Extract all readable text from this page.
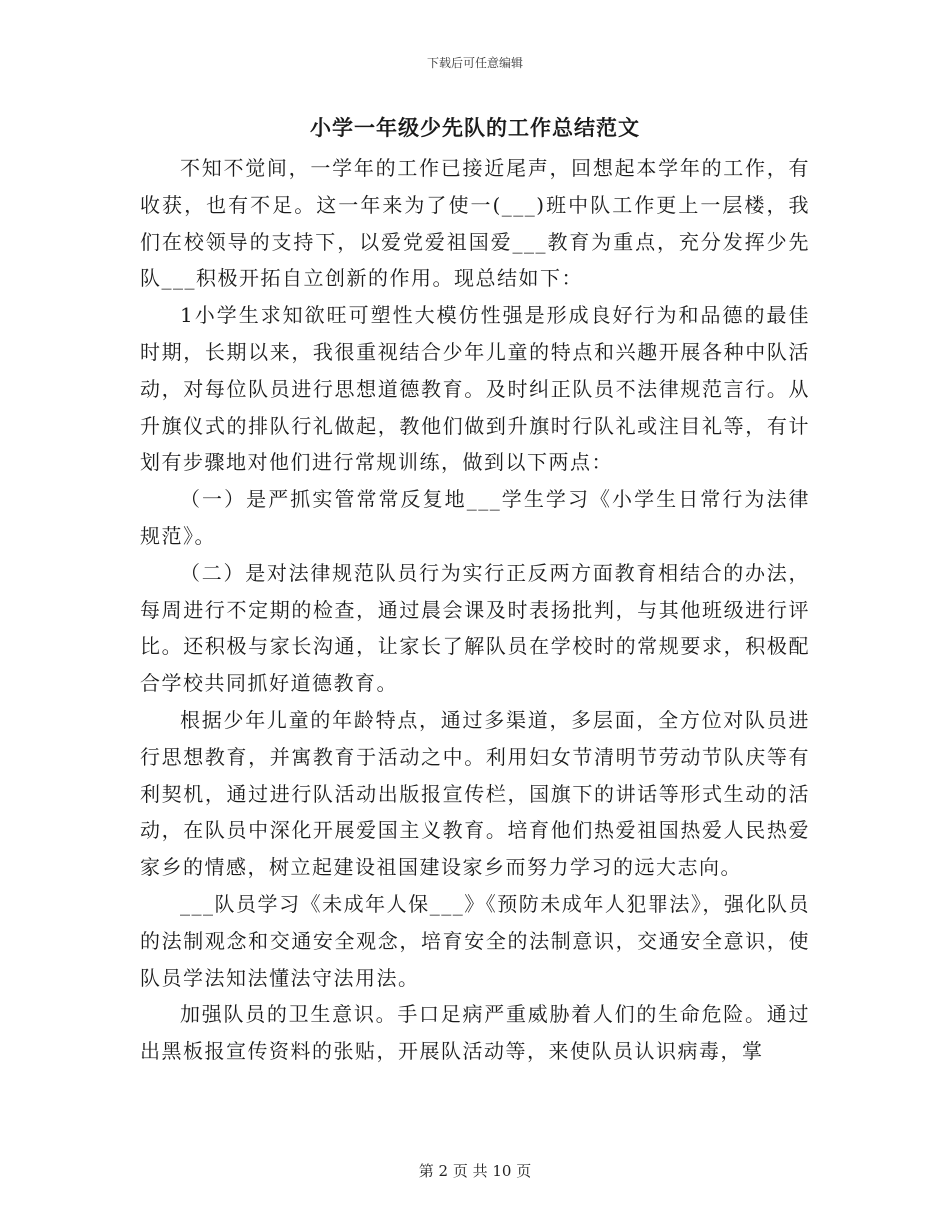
下载后可任意编辑
小学一年级少先队的工作总结范文

不知不觉间，一学年的工作已接近尾声，回想起本学年的工作，有收获，也有不足。这一年来为了使一(___)班中队工作更上一层楼，我们在校领导的支持下，以爱党爱祖国爱___教育为重点，充分发挥少先队___积极开拓自立创新的作用。现总结如下：

1小学生求知欲旺可塑性大模仿性强是形成良好行为和品德的最佳时期，长期以来，我很重视结合少年儿童的特点和兴趣开展各种中队活动，对每位队员进行思想道德教育。及时纠正队员不法律规范言行。从升旗仪式的排队行礼做起，教他们做到升旗时行队礼或注目礼等，有计划有步骤地对他们进行常规训练，做到以下两点：

（一）是严抓实管常常反复地___学生学习《小学生日常行为法律规范》。

（二）是对法律规范队员行为实行正反两方面教育相结合的办法，每周进行不定期的检查，通过晨会课及时表扬批判，与其他班级进行评比。还积极与家长沟通，让家长了解队员在学校时的常规要求，积极配合学校共同抓好道德教育。

根据少年儿童的年龄特点，通过多渠道，多层面，全方位对队员进行思想教育，并寓教育于活动之中。利用妇女节清明节劳动节队庆等有利契机，通过进行队活动出版报宣传栏，国旗下的讲话等形式生动的活动，在队员中深化开展爱国主义教育。培育他们热爱祖国热爱人民热爱家乡的情感，树立起建设祖国建设家乡而努力学习的远大志向。

___队员学习《未成年人保___》《预防未成年人犯罪法》，强化队员的法制观念和交通安全观念，培育安全的法制意识，交通安全意识，使队员学法知法懂法守法用法。

加强队员的卫生意识。手口足病严重威胁着人们的生命危险。通过出黑板报宣传资料的张贴，开展队活动等，来使队员认识病毒，掌

第 2 页 共 10 页
